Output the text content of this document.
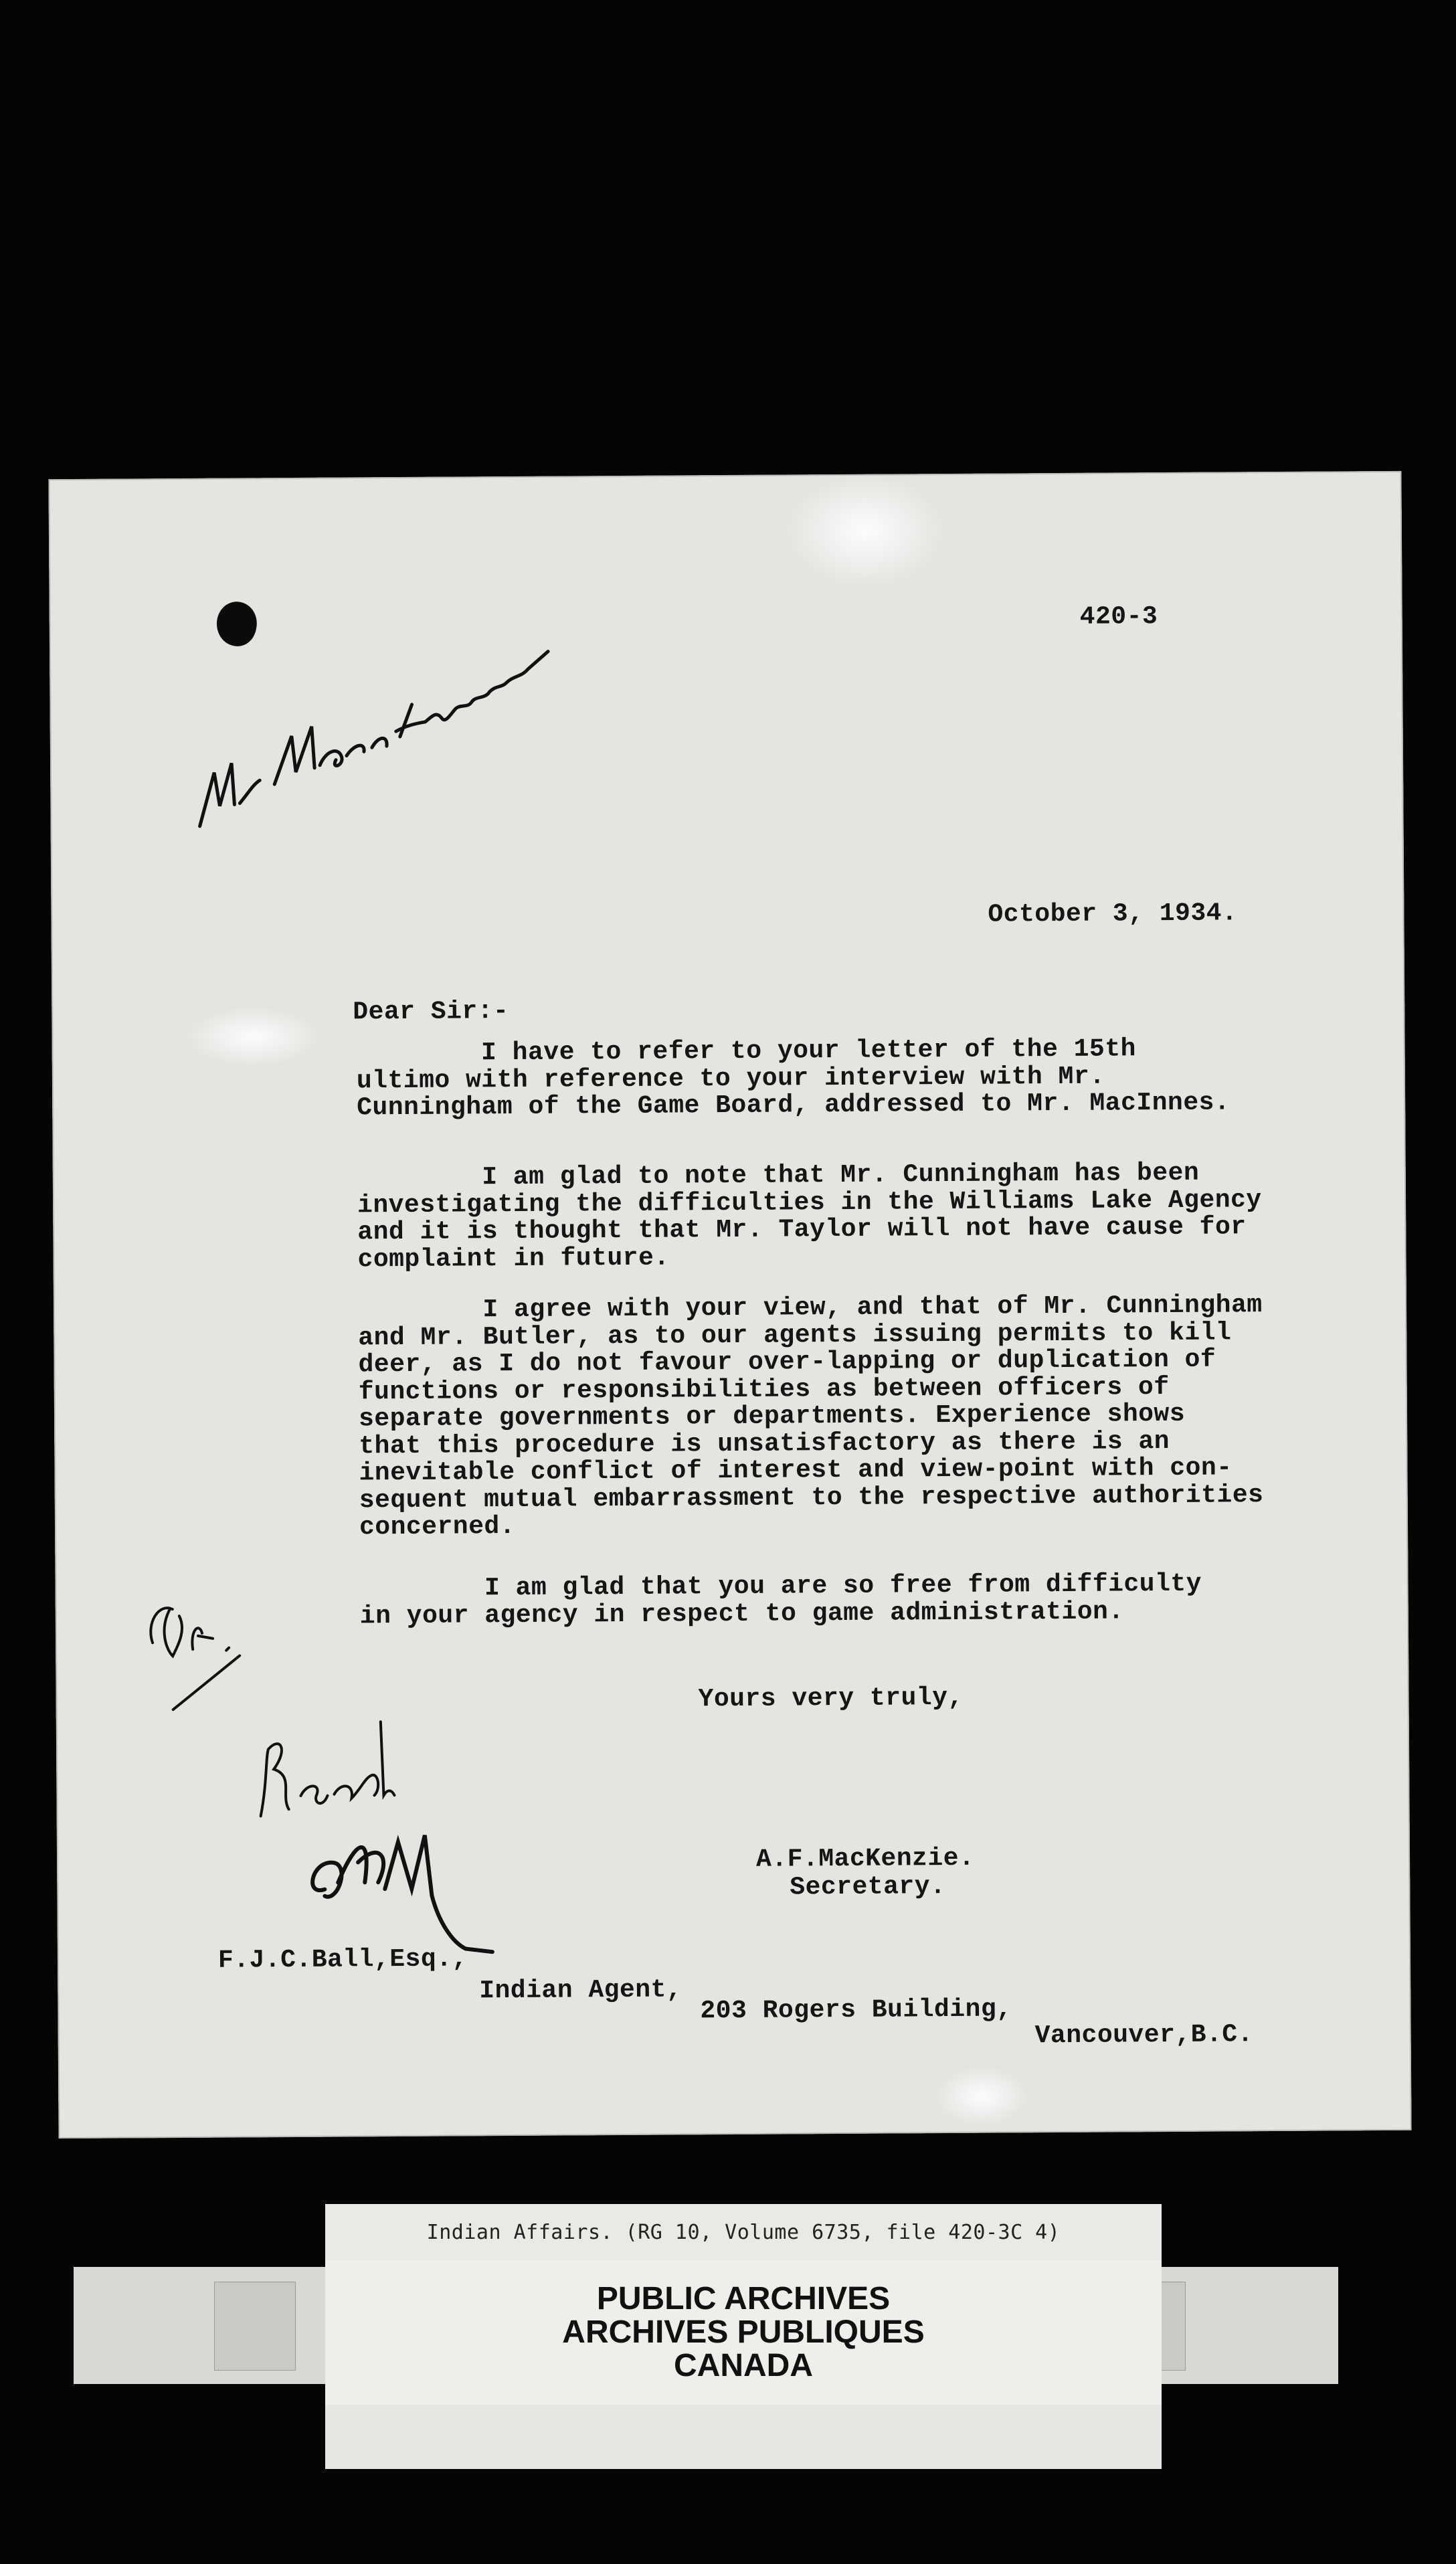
420-3
October 3, 1934.
Dear Sir:-
I have to refer to your letter of the 15th
ultimo with reference to your interview with Mr.
Cunningham of the Game Board, addressed to Mr. MacInnes.
I am glad to note that Mr. Cunningham has been
investigating the difficulties in the Williams Lake Agency
and it is thought that Mr. Taylor will not have cause for
complaint in future.
I agree with your view, and that of Mr. Cunningham
and Mr. Butler, as to our agents issuing permits to kill
deer, as I do not favour over-lapping or duplication of
functions or responsibilities as between officers of
separate governments or departments. Experience shows
that this procedure is unsatisfactory as there is an
inevitable conflict of interest and view-point with con-
sequent mutual embarrassment to the respective authorities
concerned.
I am glad that you are so free from difficulty
in your agency in respect to game administration.
Yours very truly,
A.F.MacKenzie.
Secretary.
F.J.C.Ball,Esq.,
Indian Agent,
203 Rogers Building,
Vancouver,B.C.
Indian Affairs. (RG 10, Volume 6735, file 420-3C 4)
PUBLIC ARCHIVES
ARCHIVES PUBLIQUES
CANADA
